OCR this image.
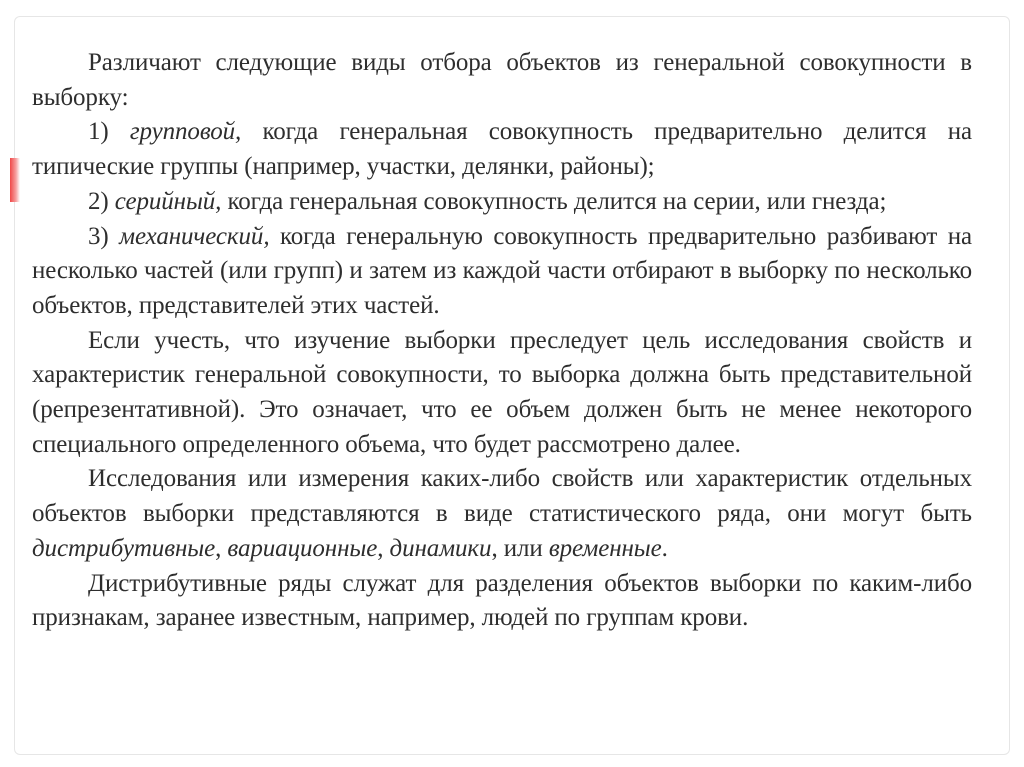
Различают следующие виды отбора объектов из генеральной совокупности в выборку:

1) групповой, когда генеральная совокупность предварительно делится на типические группы (например, участки, делянки, районы);

2) серийный, когда генеральная совокупность делится на серии, или гнезда;

3) механический, когда генеральную совокупность предварительно разбивают на несколько частей (или групп) и затем из каждой части отбирают в выборку по несколько объектов, представителей этих частей.

Если учесть, что изучение выборки преследует цель исследования свойств и характеристик генеральной совокупности, то выборка должна быть представительной (репрезентативной). Это означает, что ее объем должен быть не менее некоторого специального определенного объема, что будет рассмотрено далее.

Исследования или измерения каких-либо свойств или характеристик отдельных объектов выборки представляются в виде статистического ряда, они могут быть дистрибутивные, вариационные, динамики, или временные.

Дистрибутивные ряды служат для разделения объектов выборки по каким-либо признакам, заранее известным, например, людей по группам крови.
